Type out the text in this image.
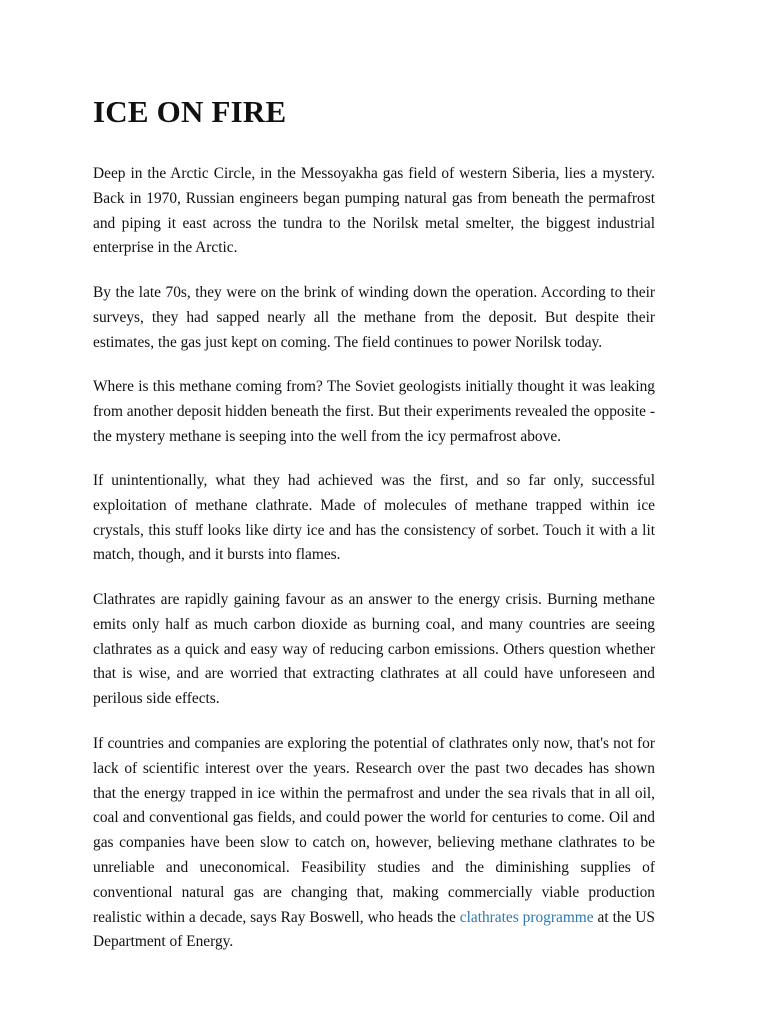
ICE ON FIRE

Deep in the Arctic Circle, in the Messoyakha gas field of western Siberia, lies a mystery. Back in 1970, Russian engineers began pumping natural gas from beneath the permafrost and piping it east across the tundra to the Norilsk metal smelter, the biggest industrial enterprise in the Arctic.

By the late 70s, they were on the brink of winding down the operation. According to their surveys, they had sapped nearly all the methane from the deposit. But despite their estimates, the gas just kept on coming. The field continues to power Norilsk today.

Where is this methane coming from? The Soviet geologists initially thought it was leaking from another deposit hidden beneath the first. But their experiments revealed the opposite - the mystery methane is seeping into the well from the icy permafrost above.

If unintentionally, what they had achieved was the first, and so far only, successful exploitation of methane clathrate. Made of molecules of methane trapped within ice crystals, this stuff looks like dirty ice and has the consistency of sorbet. Touch it with a lit match, though, and it bursts into flames.

Clathrates are rapidly gaining favour as an answer to the energy crisis. Burning methane emits only half as much carbon dioxide as burning coal, and many countries are seeing clathrates as a quick and easy way of reducing carbon emissions. Others question whether that is wise, and are worried that extracting clathrates at all could have unforeseen and perilous side effects.

If countries and companies are exploring the potential of clathrates only now, that's not for lack of scientific interest over the years. Research over the past two decades has shown that the energy trapped in ice within the permafrost and under the sea rivals that in all oil, coal and conventional gas fields, and could power the world for centuries to come. Oil and gas companies have been slow to catch on, however, believing methane clathrates to be unreliable and uneconomical. Feasibility studies and the diminishing supplies of conventional natural gas are changing that, making commercially viable production realistic within a decade, says Ray Boswell, who heads the clathrates programme at the US Department of Energy.
